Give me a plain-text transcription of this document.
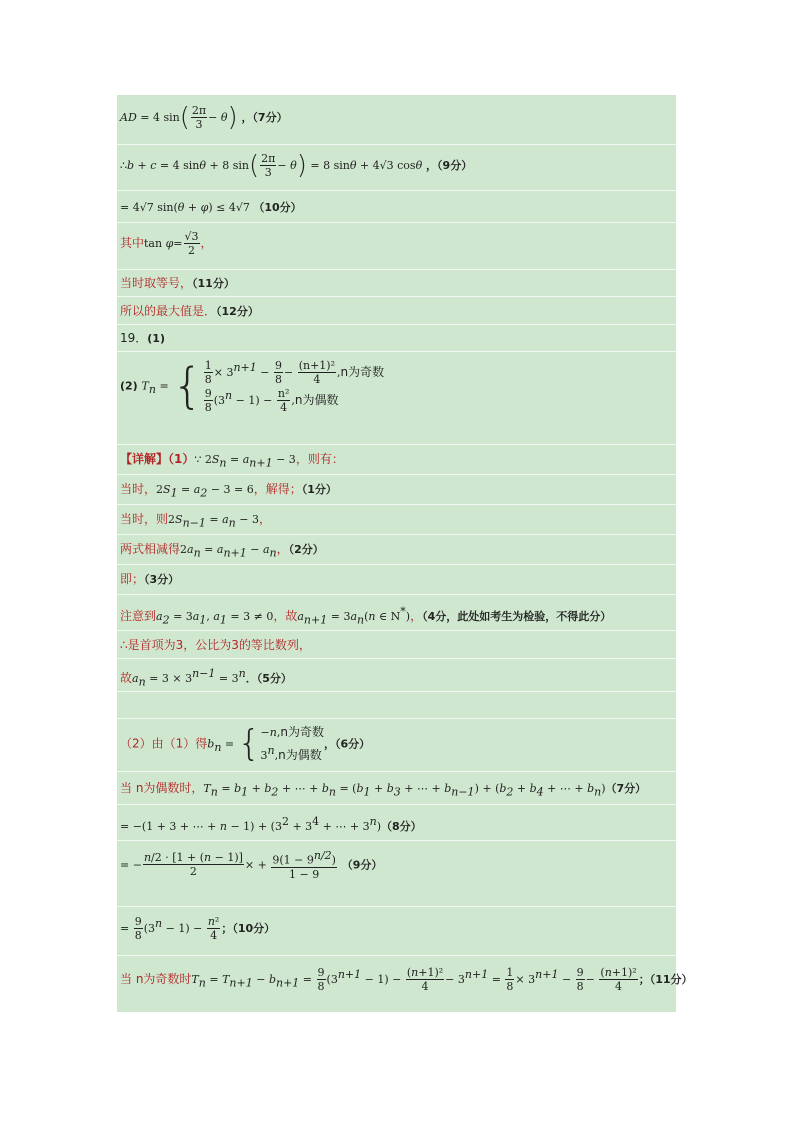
AD = 4 $\sin( \frac{2\pi}{3} - \theta)$ ，（7分）
∴b + c = 4 sinθ + 8 $\sin( \frac{2\pi}{3} - \theta) = 8$ sinθ + 4√3 cosθ ，（9分）
= 4√7 sin(θ + φ) ≤ 4√7 （10分）
其中$\tan \varphi= \frac{√3}{2}$ ，
当时取等号，（11分）
所以的最大值是．（12分）
19．(1)
(2) $T_n$ = { $\frac{1}{8} \times 3^{n+1} - \frac{9}{8} - \frac{\text{(n+1)²}}{4} ,n$为奇数
$\frac{9}{8} (3^n - 1) - \frac{\text{n²}}{4} ,n$为偶数
【详解】（1）∵ $2S_n = a_{n+1} - 3$，则有：
当时，$2S_1 = a_2 - 3 = 6$，解得；（1分）
当时，则$2S_{n-1} = a_n - 3$，
两式相减得$2a_n = a_{n+1} - a_n$，（2分）
即；（3分）
注意到$a_2 = 3a_1$, $a_1 = 3 \ne 0$，故$a_{n+1} = 3a_n(n$ ∈ N*)，（4分，此处如考生为检验，不得此分）
∴是首项为3，公比为3的等比数列，
故$a_n = 3 \times 3^{n-1} = 3^n$．（5分）
（2）由（1）得$b_n$ = { −n,n为奇数
3$^n$,n为偶数
，（6分）
当 n为偶数时，$T_n = b_1 + b_2$ + ⋯ + $b_n = (b_1 + b_3$ + ⋯ + $b_{n-1}) + (b_2 + b_4$ + ⋯ + $b_n)(7$分）
= −(1 + 3 + ⋯ + $n - 1) + (3^2 + 3^4$ + ⋯ + $3^n)(8$分）
= − $\frac{n/2 \cdot [1 + (n - 1)]}{2}$ × + $\frac{9(1 - 9^{n/2})}{1 - 9} (9$分）
= $\frac{9}{8} (3^n - 1) - \frac{\text{n²}}{4}$ ；（10分）
当 n为奇数时$T_n = T_{n+1} - b_{n+1} = \frac{9}{8} (3^{n+1} - 1) - \frac{\text{(n+1)²}}{4} - 3^{n+1} = \frac{1}{8} \times 3^{n+1} - \frac{9}{8} - \frac{\text{(n+1)²}}{4}$ ；（11分）
